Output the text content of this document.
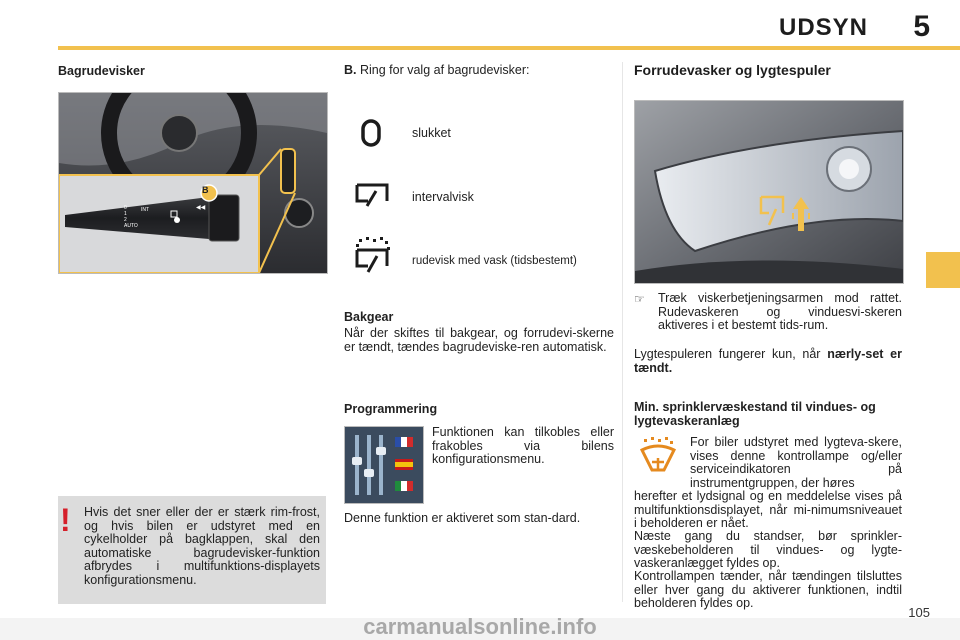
UDSYN 5
Bagrudevisker
INT	◀◀
B
0
1
2
AUTO
! Hvis det sner eller der er stærk rim-frost, og hvis bilen er udstyret med en cykelholder på bagklappen, skal den automatiske bagrudevisker-funktion afbrydes i multifunktions-displayets konfigurationsmenu.
B. Ring for valg af bagrudevisker:
slukket
intervalvisk
rudevisk med vask (tidsbestemt)
Bakgear
Når der skiftes til bakgear, og forrudevi-skerne er tændt, tændes bagrudeviske-ren automatisk.
Programmering
Funktionen kan tilkobles eller frakobles via bilens konfigurationsmenu.
Denne funktion er aktiveret som stan-dard.
Forrudevasker og lygtespuler
☞ Træk viskerbetjeningsarmen mod rattet. Rudevaskeren og vinduesvi-skeren aktiveres i et bestemt tids-rum.
Lygtespuleren fungerer kun, når nærly-set er tændt.
Min. sprinklervæskestand til vindues- og lygtevaskeranlæg
For biler udstyret med lygteva-skere, vises denne kontrollampe og/eller serviceindikatoren på instrumentgruppen, der høres
herefter et lydsignal og en meddelelse vises på multifunktionsdisplayet, når mi-nimumsniveauet i beholderen er nået.
Næste gang du standser, bør sprinkler-væskebeholderen til vindues- og lygte-vaskeranlægget fyldes op.
Kontrollampen tænder, når tændingen tilsluttes eller hver gang du aktiverer funktionen, indtil beholderen fyldes op.
105
carmanualsonline.info
